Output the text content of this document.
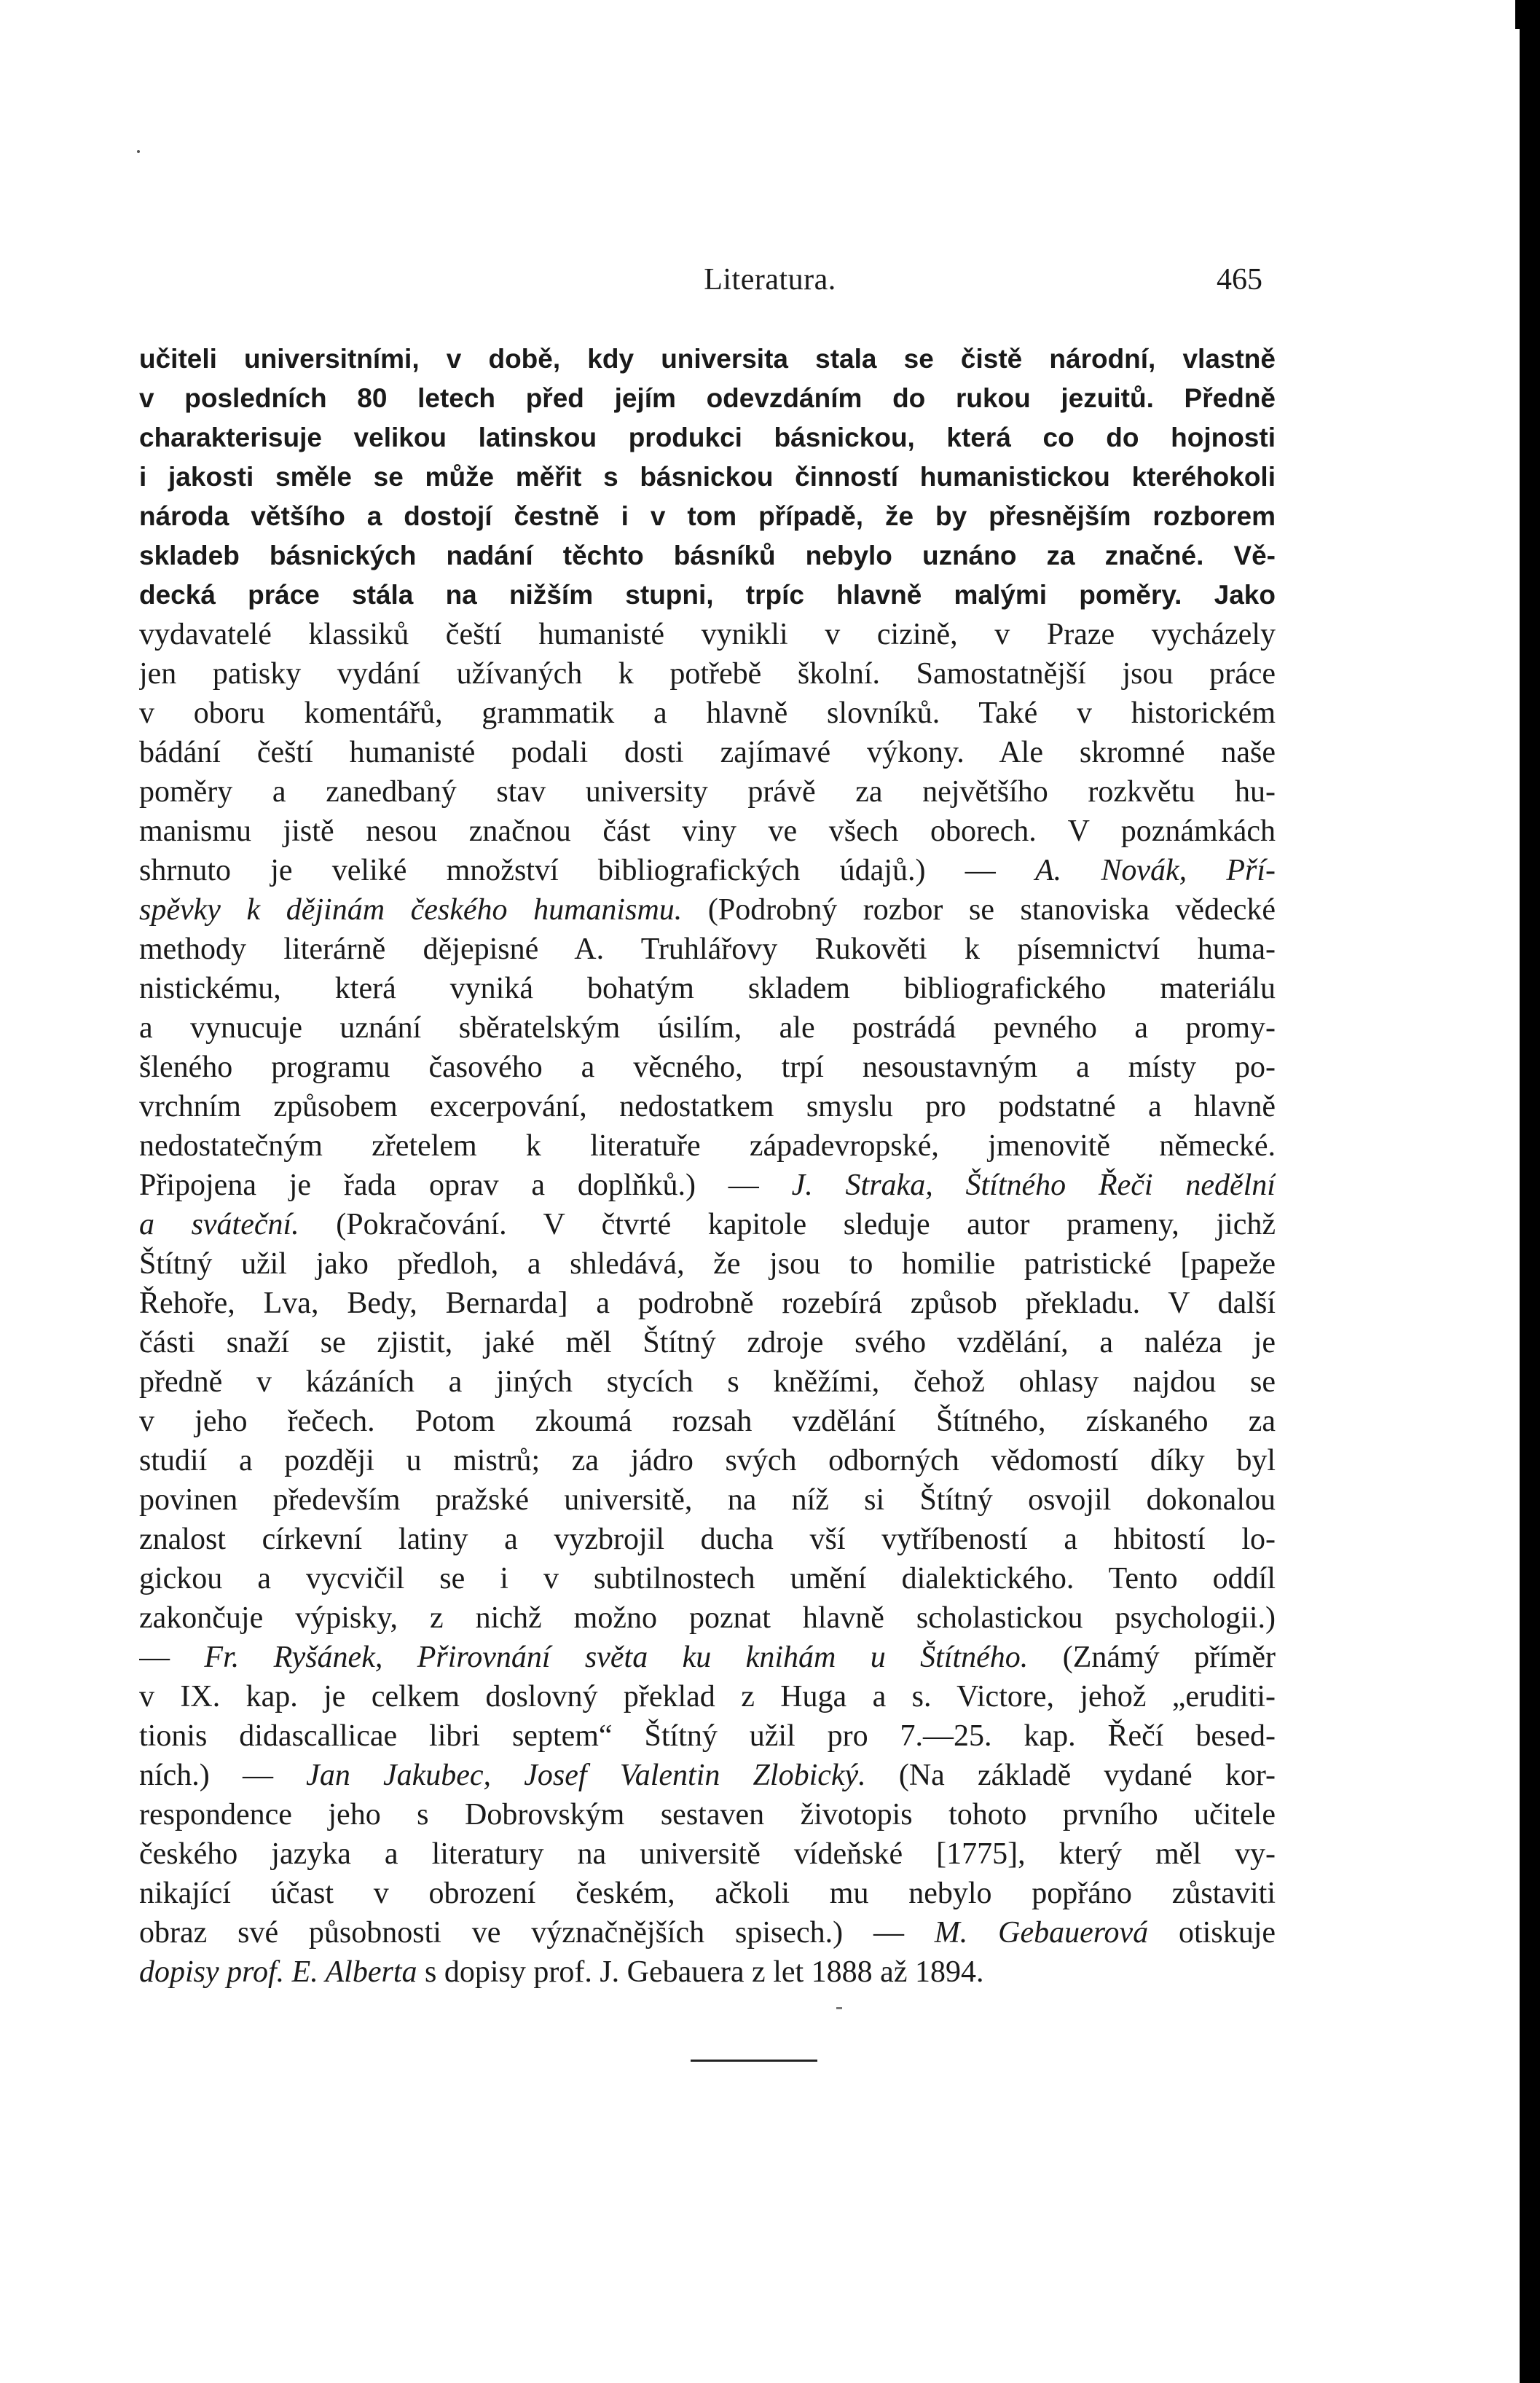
Literatura.	465
učiteli universitními, v době, kdy universita stala se čistě národní, vlastně
v posledních 80 letech před jejím odevzdáním do rukou jezuitů. Předně
charakterisuje velikou latinskou produkci básnickou, která co do hojnosti
i jakosti směle se může měřit s básnickou činností humanistickou kteréhokoli
národa většího a dostojí čestně i v tom případě, že by přesnějším rozborem
skladeb básnických nadání těchto básníků nebylo uznáno za značné. Vě-
decká práce stála na nižším stupni, trpíc hlavně malými poměry. Jako
vydavatelé klassiků čeští humanisté vynikli v cizině, v Praze vycházely
jen patisky vydání užívaných k potřebě školní. Samostatnější jsou práce
v oboru komentářů, grammatik a hlavně slovníků. Také v historickém
bádání čeští humanisté podali dosti zajímavé výkony. Ale skromné naše
poměry a zanedbaný stav university právě za největšího rozkvětu hu-
manismu jistě nesou značnou část viny ve všech oborech. V poznámkách
shrnuto je veliké množství bibliografických údajů.) — A. Novák, Pří-
spěvky k dějinám českého humanismu. (Podrobný rozbor se stanoviska vědecké
methody literárně dějepisné A. Truhlářovy Rukověti k písemnictví huma-
nistickému, která vyniká bohatým skladem bibliografického materiálu
a vynucuje uznání sběratelským úsilím, ale postrádá pevného a promy-
šleného programu časového a věcného, trpí nesoustavným a místy po-
vrchním způsobem excerpování, nedostatkem smyslu pro podstatné a hlavně
nedostatečným zřetelem k literatuře západevropské, jmenovitě německé.
Připojena je řada oprav a doplňků.) — J. Straka, Štítného Řeči nedělní
a sváteční. (Pokračování. V čtvrté kapitole sleduje autor prameny, jichž
Štítný užil jako předloh, a shledává, že jsou to homilie patristické [papeže
Řehoře, Lva, Bedy, Bernarda] a podrobně rozebírá způsob překladu. V další
části snaží se zjistit, jaké měl Štítný zdroje svého vzdělání, a naléza je
předně v kázáních a jiných stycích s kněžími, čehož ohlasy najdou se
v jeho řečech. Potom zkoumá rozsah vzdělání Štítného, získaného za
studií a později u mistrů; za jádro svých odborných vědomostí díky byl
povinen především pražské universitě, na níž si Štítný osvojil dokonalou
znalost církevní latiny a vyzbrojil ducha vší vytříbeností a hbitostí lo-
gickou a vycvičil se i v subtilnostech umění dialektického. Tento oddíl
zakončuje výpisky, z nichž možno poznat hlavně scholastickou psychologii.)
— Fr. Ryšánek, Přirovnání světa ku knihám u Štítného. (Známý příměr
v IX. kap. je celkem doslovný překlad z Huga a s. Victore, jehož „eruditi-
tionis didascallicae libri septem“ Štítný užil pro 7.—25. kap. Řečí besed-
ních.) — Jan Jakubec, Josef Valentin Zlobický. (Na základě vydané kor-
respondence jeho s Dobrovským sestaven životopis tohoto prvního učitele
českého jazyka a literatury na universitě vídeňské [1775], který měl vy-
nikající účast v obrození českém, ačkoli mu nebylo popřáno zůstaviti
obraz své působnosti ve význačnějších spisech.) — M. Gebauerová otiskuje
dopisy prof. E. Alberta s dopisy prof. J. Gebauera z let 1888 až 1894.
